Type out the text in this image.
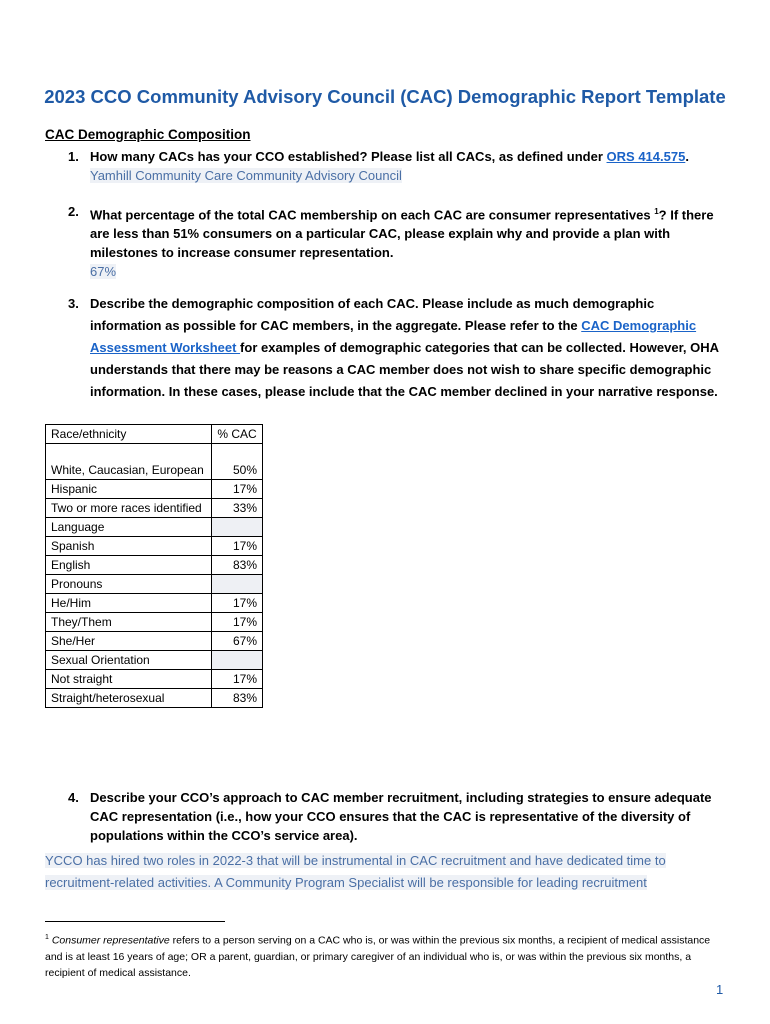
2023 CCO Community Advisory Council (CAC) Demographic Report Template
CAC Demographic Composition
1. How many CACs has your CCO established? Please list all CACs, as defined under ORS 414.575.
Yamhill Community Care Community Advisory Council
2. What percentage of the total CAC membership on each CAC are consumer representatives $^1$? If there are less than 51% consumers on a particular CAC, please explain why and provide a plan with milestones to increase consumer representation.
67%
3. Describe the demographic composition of each CAC. Please include as much demographic information as possible for CAC members, in the aggregate. Please refer to the CAC Demographic Assessment Worksheet for examples of demographic categories that can be collected. However, OHA understands that there may be reasons a CAC member does not wish to share specific demographic information. In these cases, please include that the CAC member declined in your narrative response.
Race/ethnicity	% CAC
White, Caucasian, European	50%
Hispanic	17%
Two or more races identified	33%
Language	
Spanish	17%
English	83%
Pronouns	
He/Him	17%
They/Them	17%
She/Her	67%
Sexual Orientation	
Not straight	17%
Straight/heterosexual	83%
4. Describe your CCO’s approach to CAC member recruitment, including strategies to ensure adequate CAC representation (i.e., how your CCO ensures that the CAC is representative of the diversity of populations within the CCO’s service area).
YCCO has hired two roles in 2022-3 that will be instrumental in CAC recruitment and have dedicated time to recruitment-related activities. A Community Program Specialist will be responsible for leading recruitment
$^1$ Consumer representative refers to a person serving on a CAC who is, or was within the previous six months, a recipient of medical assistance and is at least 16 years of age; OR a parent, guardian, or primary caregiver of an individual who is, or was within the previous six months, a recipient of medical assistance.
1
